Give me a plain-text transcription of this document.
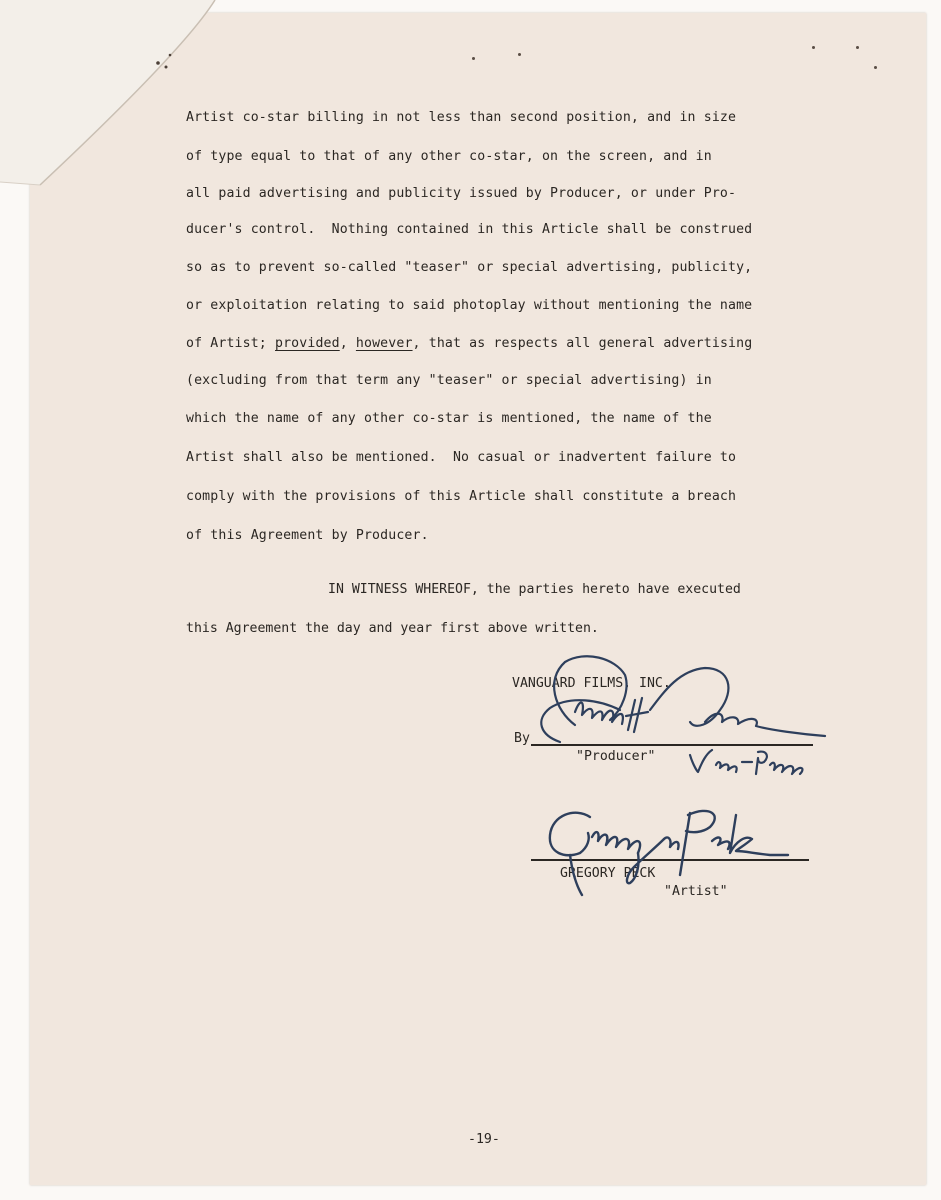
Artist co-star billing in not less than second position, and in size
of type equal to that of any other co-star, on the screen, and in
all paid advertising and publicity issued by Producer, or under Pro-
ducer's control.  Nothing contained in this Article shall be construed
so as to prevent so-called "teaser" or special advertising, publicity,
or exploitation relating to said photoplay without mentioning the name
of Artist; provided, however, that as respects all general advertising
(excluding from that term any "teaser" or special advertising) in
which the name of any other co-star is mentioned, the name of the
Artist shall also be mentioned.  No casual or inadvertent failure to
comply with the provisions of this Article shall constitute a breach
of this Agreement by Producer.
IN WITNESS WHEREOF, the parties hereto have executed
this Agreement the day and year first above written.
VANGUARD FILMS, INC.
By
"Producer"
GREGORY PECK
"Artist"
-19-
